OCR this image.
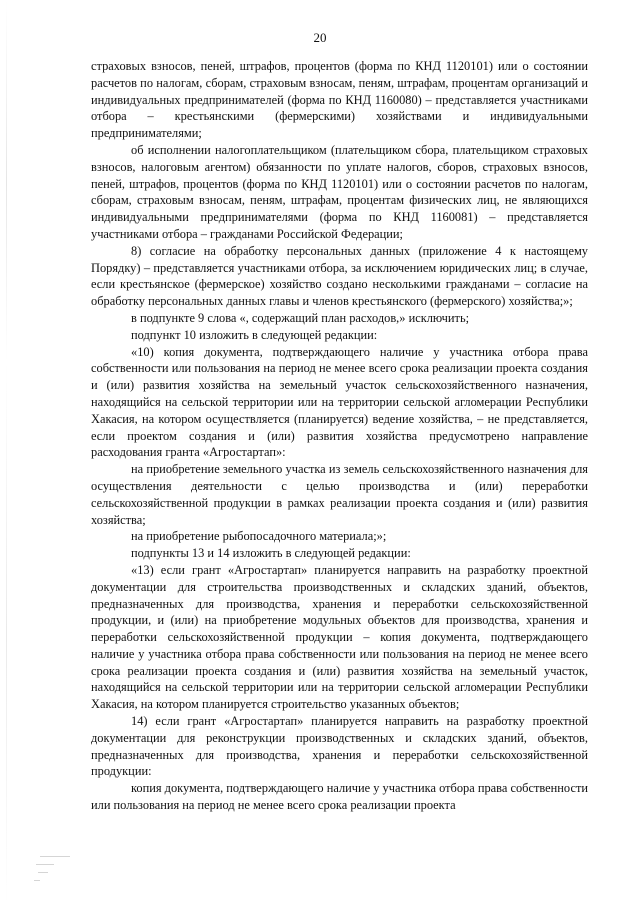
20

страховых взносов, пеней, штрафов, процентов (форма по КНД 1120101) или о состоянии расчетов по налогам, сборам, страховым взносам, пеням, штрафам, процентам организаций и индивидуальных предпринимателей (форма по КНД 1160080) – представляется участниками отбора – крестьянскими (фермерскими) хозяйствами и индивидуальными предпринимателями;

об исполнении налогоплательщиком (плательщиком сбора, плательщиком страховых взносов, налоговым агентом) обязанности по уплате налогов, сборов, страховых взносов, пеней, штрафов, процентов (форма по КНД 1120101) или о состоянии расчетов по налогам, сборам, страховым взносам, пеням, штрафам, процентам физических лиц, не являющихся индивидуальными предпринимателями (форма по КНД 1160081) – представляется участниками отбора – гражданами Российской Федерации;

8) согласие на обработку персональных данных (приложение 4 к настоящему Порядку) – представляется участниками отбора, за исключением юридических лиц; в случае, если крестьянское (фермерское) хозяйство создано несколькими гражданами – согласие на обработку персональных данных главы и членов крестьянского (фермерского) хозяйства;»;

в подпункте 9 слова «, содержащий план расходов,» исключить;

подпункт 10 изложить в следующей редакции:

«10) копия документа, подтверждающего наличие у участника отбора права собственности или пользования на период не менее всего срока реализации проекта создания и (или) развития хозяйства на земельный участок сельскохозяйственного назначения, находящийся на сельской территории или на территории сельской агломерации Республики Хакасия, на котором осуществляется (планируется) ведение хозяйства, – не представляется, если проектом создания и (или) развития хозяйства предусмотрено направление расходования гранта «Агростартап»:

на приобретение земельного участка из земель сельскохозяйственного назначения для осуществления деятельности с целью производства и (или) переработки сельскохозяйственной продукции в рамках реализации проекта создания и (или) развития хозяйства;

на приобретение рыбопосадочного материала;»;

подпункты 13 и 14 изложить в следующей редакции:

«13) если грант «Агростартап» планируется направить на разработку проектной документации для строительства производственных и складских зданий, объектов, предназначенных для производства, хранения и переработки сельскохозяйственной продукции, и (или) на приобретение модульных объектов для производства, хранения и переработки сельскохозяйственной продукции – копия документа, подтверждающего наличие у участника отбора права собственности или пользования на период не менее всего срока реализации проекта создания и (или) развития хозяйства на земельный участок, находящийся на сельской территории или на территории сельской агломерации Республики Хакасия, на котором планируется строительство указанных объектов;

14) если грант «Агростартап» планируется направить на разработку проектной документации для реконструкции производственных и складских зданий, объектов, предназначенных для производства, хранения и переработки сельскохозяйственной продукции:

копия документа, подтверждающего наличие у участника отбора права собственности или пользования на период не менее всего срока реализации проекта
